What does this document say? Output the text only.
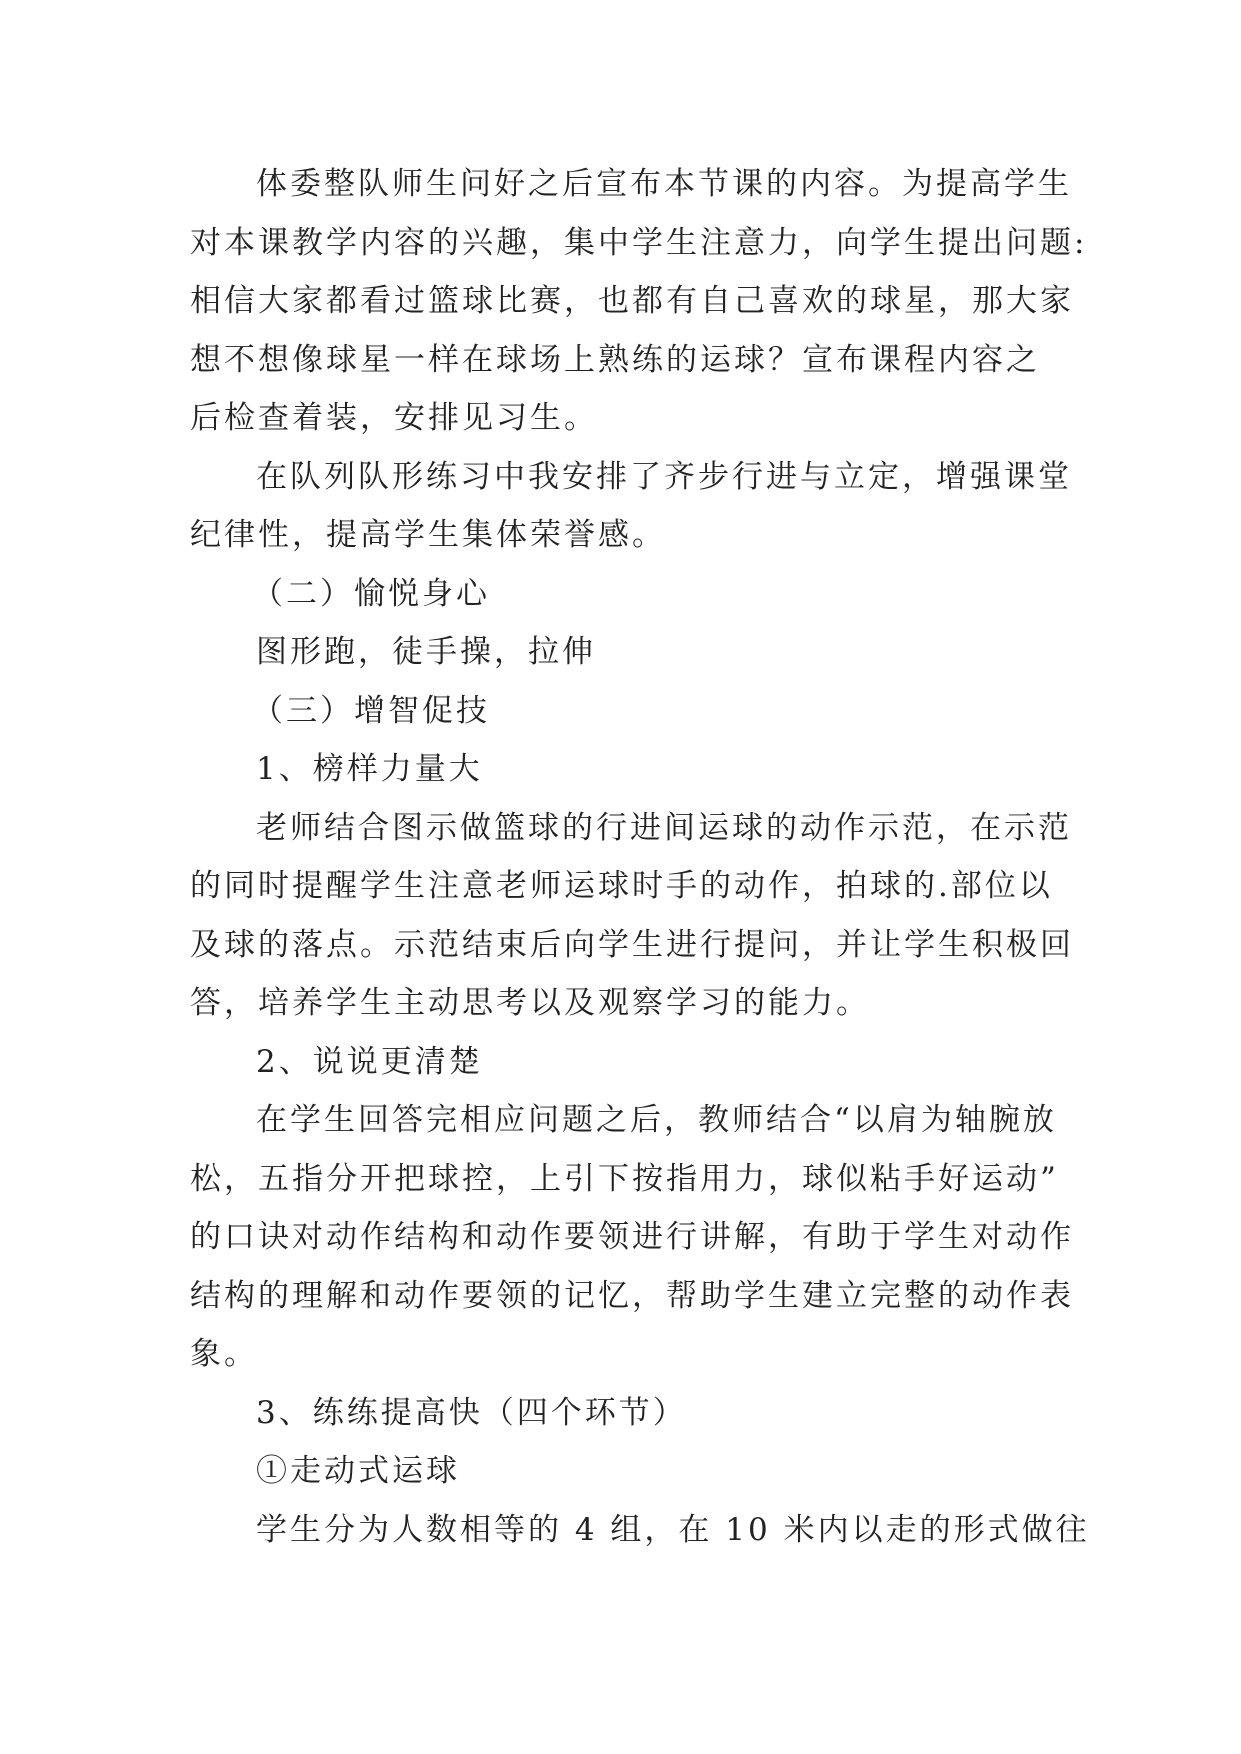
体委整队师生问好之后宣布本节课的内容。为提高学生
对本课教学内容的兴趣，集中学生注意力，向学生提出问题:
相信大家都看过篮球比赛，也都有自己喜欢的球星，那大家
想不想像球星一样在球场上熟练的运球？宣布课程内容之
后检查着装，安排见习生。
在队列队形练习中我安排了齐步行进与立定，增强课堂
纪律性，提高学生集体荣誉感。
（二）愉悦身心
图形跑，徒手操，拉伸
（三）增智促技
1、榜样力量大
老师结合图示做篮球的行进间运球的动作示范，在示范
的同时提醒学生注意老师运球时手的动作，拍球的.部位以
及球的落点。示范结束后向学生进行提问，并让学生积极回
答，培养学生主动思考以及观察学习的能力。
2、说说更清楚
在学生回答完相应问题之后，教师结合“以肩为轴腕放
松，五指分开把球控，上引下按指用力，球似粘手好运动”
的口诀对动作结构和动作要领进行讲解，有助于学生对动作
结构的理解和动作要领的记忆，帮助学生建立完整的动作表
象。
3、练练提高快（四个环节）
①走动式运球
学生分为人数相等的 4 组，在 10 米内以走的形式做往
